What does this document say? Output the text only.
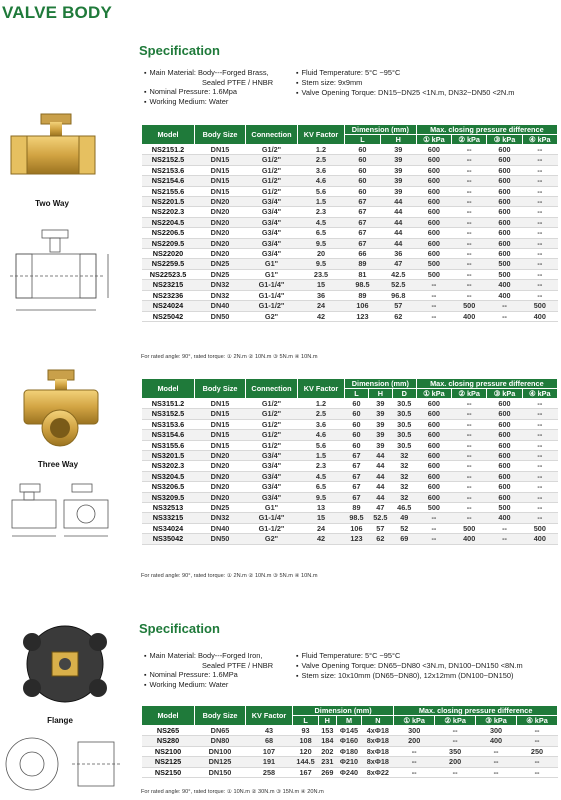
VALVE BODY
Specification
▪ Main Material: Body---Forged Brass,
Sealed PTFE / HNBR
▪ Nominal Pressure: 1.6Mpa
▪ Working Medium: Water
▪ Fluid Temperature: 5°C ~95°C
▪ Stem size: 9x9mm
▪ Valve Opening Torque: DN15~DN25 <1N.m, DN32~DN50 <2N.m
Two Way
Model	Body Size	Connection	KV Factor	Dimension (mm)		Max. closing pressure difference			
				L	H	① kPa	② kPa	③ kPa	④ kPa
NS2151.2	DN15	G1/2"	1.2	60	39	600	--	600	--
NS2152.5	DN15	G1/2"	2.5	60	39	600	--	600	--
NS2153.6	DN15	G1/2"	3.6	60	39	600	--	600	--
NS2154.6	DN15	G1/2"	4.6	60	39	600	--	600	--
NS2155.6	DN15	G1/2"	5.6	60	39	600	--	600	--
NS2201.5	DN20	G3/4"	1.5	67	44	600	--	600	--
NS2202.3	DN20	G3/4"	2.3	67	44	600	--	600	--
NS2204.5	DN20	G3/4"	4.5	67	44	600	--	600	--
NS2206.5	DN20	G3/4"	6.5	67	44	600	--	600	--
NS2209.5	DN20	G3/4"	9.5	67	44	600	--	600	--
NS22020	DN20	G3/4"	20	66	36	600	--	600	--
NS2259.5	DN25	G1"	9.5	89	47	500	--	500	--
NS22523.5	DN25	G1"	23.5	81	42.5	500	--	500	--
NS23215	DN32	G1-1/4"	15	98.5	52.5	--	--	400	--
NS23236	DN32	G1-1/4"	36	89	96.8	--	--	400	--
NS24024	DN40	G1-1/2"	24	106	57	--	500	--	500
NS25042	DN50	G2"	42	123	62	--	400	--	400
For rated angle: 90°, rated torque: ① 2N.m ② 10N.m ③ 5N.m ④ 10N.m
Three Way
Model	Body Size	Connection	KV Factor	Dimension (mm)			Max. closing pressure difference			
				L	H	D	① kPa	② kPa	③ kPa	④ kPa
NS3151.2	DN15	G1/2"	1.2	60	39	30.5	600	--	600	--
NS3152.5	DN15	G1/2"	2.5	60	39	30.5	600	--	600	--
NS3153.6	DN15	G1/2"	3.6	60	39	30.5	600	--	600	--
NS3154.6	DN15	G1/2"	4.6	60	39	30.5	600	--	600	--
NS3155.6	DN15	G1/2"	5.6	60	39	30.5	600	--	600	--
NS3201.5	DN20	G3/4"	1.5	67	44	32	600	--	600	--
NS3202.3	DN20	G3/4"	2.3	67	44	32	600	--	600	--
NS3204.5	DN20	G3/4"	4.5	67	44	32	600	--	600	--
NS3206.5	DN20	G3/4"	6.5	67	44	32	600	--	600	--
NS3209.5	DN20	G3/4"	9.5	67	44	32	600	--	600	--
NS32513	DN25	G1"	13	89	47	46.5	500	--	500	--
NS33215	DN32	G1-1/4"	15	98.5	52.5	49	--	--	400	--
NS34024	DN40	G1-1/2"	24	106	57	52	--	500	--	500
NS35042	DN50	G2"	42	123	62	69	--	400	--	400
For rated angle: 90°, rated torque: ① 2N.m ② 10N.m ③ 5N.m ④ 10N.m
Specification
▪ Main Material: Body---Forged Iron,
Sealed PTFE / HNBR
▪ Nominal Pressure: 1.6MPa
▪ Working Medium: Water
▪ Fluid Temperature: 5°C ~95°C
▪ Valve Opening Torque: DN65~DN80 <3N.m, DN100~DN150 <8N.m
▪ Stem size: 10x10mm (DN65~DN80), 12x12mm (DN100~DN150)
Flange
Model	Body Size	KV Factor	Dimension (mm)				Max. closing pressure difference			
			L	H	M	N	① kPa	② kPa	③ kPa	④ kPa
NS265	DN65	43	93	153	Φ145	4xΦ18	300	--	300	--
NS280	DN80	68	108	184	Φ160	8xΦ18	200	--	400	--
NS2100	DN100	107	120	202	Φ180	8xΦ18	--	350	--	250
NS2125	DN125	191	144.5	231	Φ210	8xΦ18	--	200	--	--
NS2150	DN150	258	167	269	Φ240	8xΦ22	--	--	--	--
For rated angle: 90°, rated torque: ① 10N.m ② 30N.m ③ 15N.m ④ 20N.m
